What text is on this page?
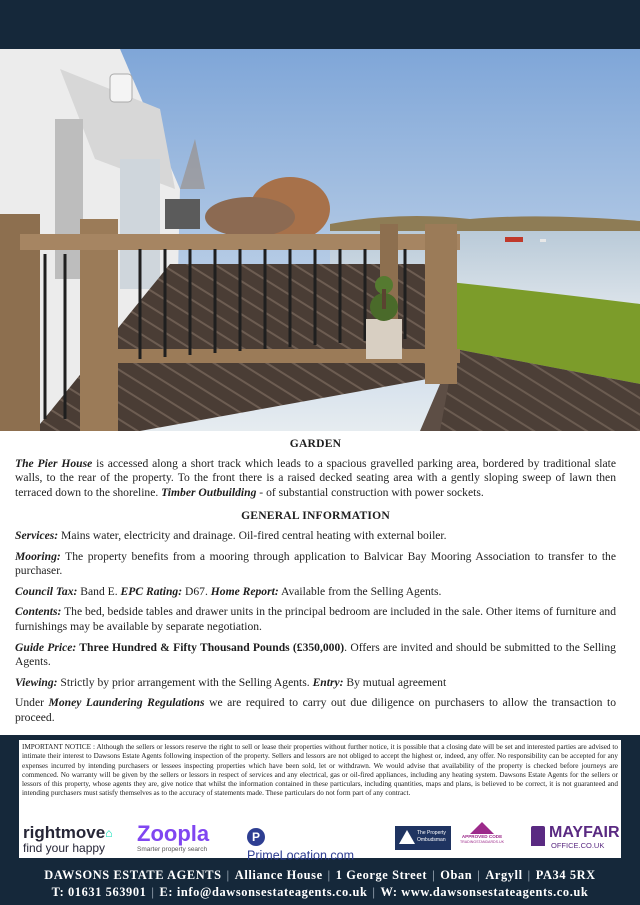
GARDEN

The Pier House is accessed along a short track which leads to a spacious gravelled parking area, bordered by traditional slate walls, to the rear of the property. To the front there is a raised decked seating area with a gently sloping sweep of lawn then terraced down to the shoreline. Timber Outbuilding - of substantial construction with power sockets.

GENERAL INFORMATION

Services: Mains water, electricity and drainage. Oil-fired central heating with external boiler.

Mooring: The property benefits from a mooring through application to Balvicar Bay Mooring Association to transfer to the purchaser.

Council Tax: Band E. EPC Rating: D67. Home Report: Available from the Selling Agents.

Contents: The bed, bedside tables and drawer units in the principal bedroom are included in the sale. Other items of furniture and furnishings may be available by separate negotiation.

Guide Price: Three Hundred & Fifty Thousand Pounds (£350,000). Offers are invited and should be submitted to the Selling Agents.

Viewing: Strictly by prior arrangement with the Selling Agents. Entry: By mutual agreement

Under Money Laundering Regulations we are required to carry out due diligence on purchasers to allow the transaction to proceed.

IMPORTANT NOTICE : Although the sellers or lessors reserve the right to sell or lease their properties without further notice, it is possible that a closing date will be set and interested parties are advised to intimate their interest to Dawsons Estate Agents following inspection of the property. Sellers and lessors are not obliged to accept the highest or, indeed, any offer. No responsibility can be accepted for any expenses incurred by intending purchasers or lessees inspecting properties which have been sold, let or withdrawn. We would advise that availability of the property is checked before journeys are commenced. No warranty will be given by the sellers or lessors in respect of services and any electrical, gas or oil-fired appliances, including any heating system. Dawsons Estate Agents for the sellers or lessors of this property, whose agents they are, give notice that whilst the information contained in these particulars, including quantities, maps and plans, is believed to be correct, it is not guaranteed and intending purchasers must satisfy themselves as to the accuracy of statements made. These particulars do not form part of any contract.
rightmove⌂
find your happy
Zoopla
Smarter property search
P PrimeLocation.com
The Property
Ombudsman
APPROVED CODE
TRADINGSTANDARDS.UK
MAYFAIR
OFFICE.CO.UK
DAWSONS ESTATE AGENTS | Alliance House | 1 George Street | Oban | Argyll | PA34 5RX
T: 01631 563901 | E: info@dawsonsestateagents.co.uk | W: www.dawsonsestateagents.co.uk
